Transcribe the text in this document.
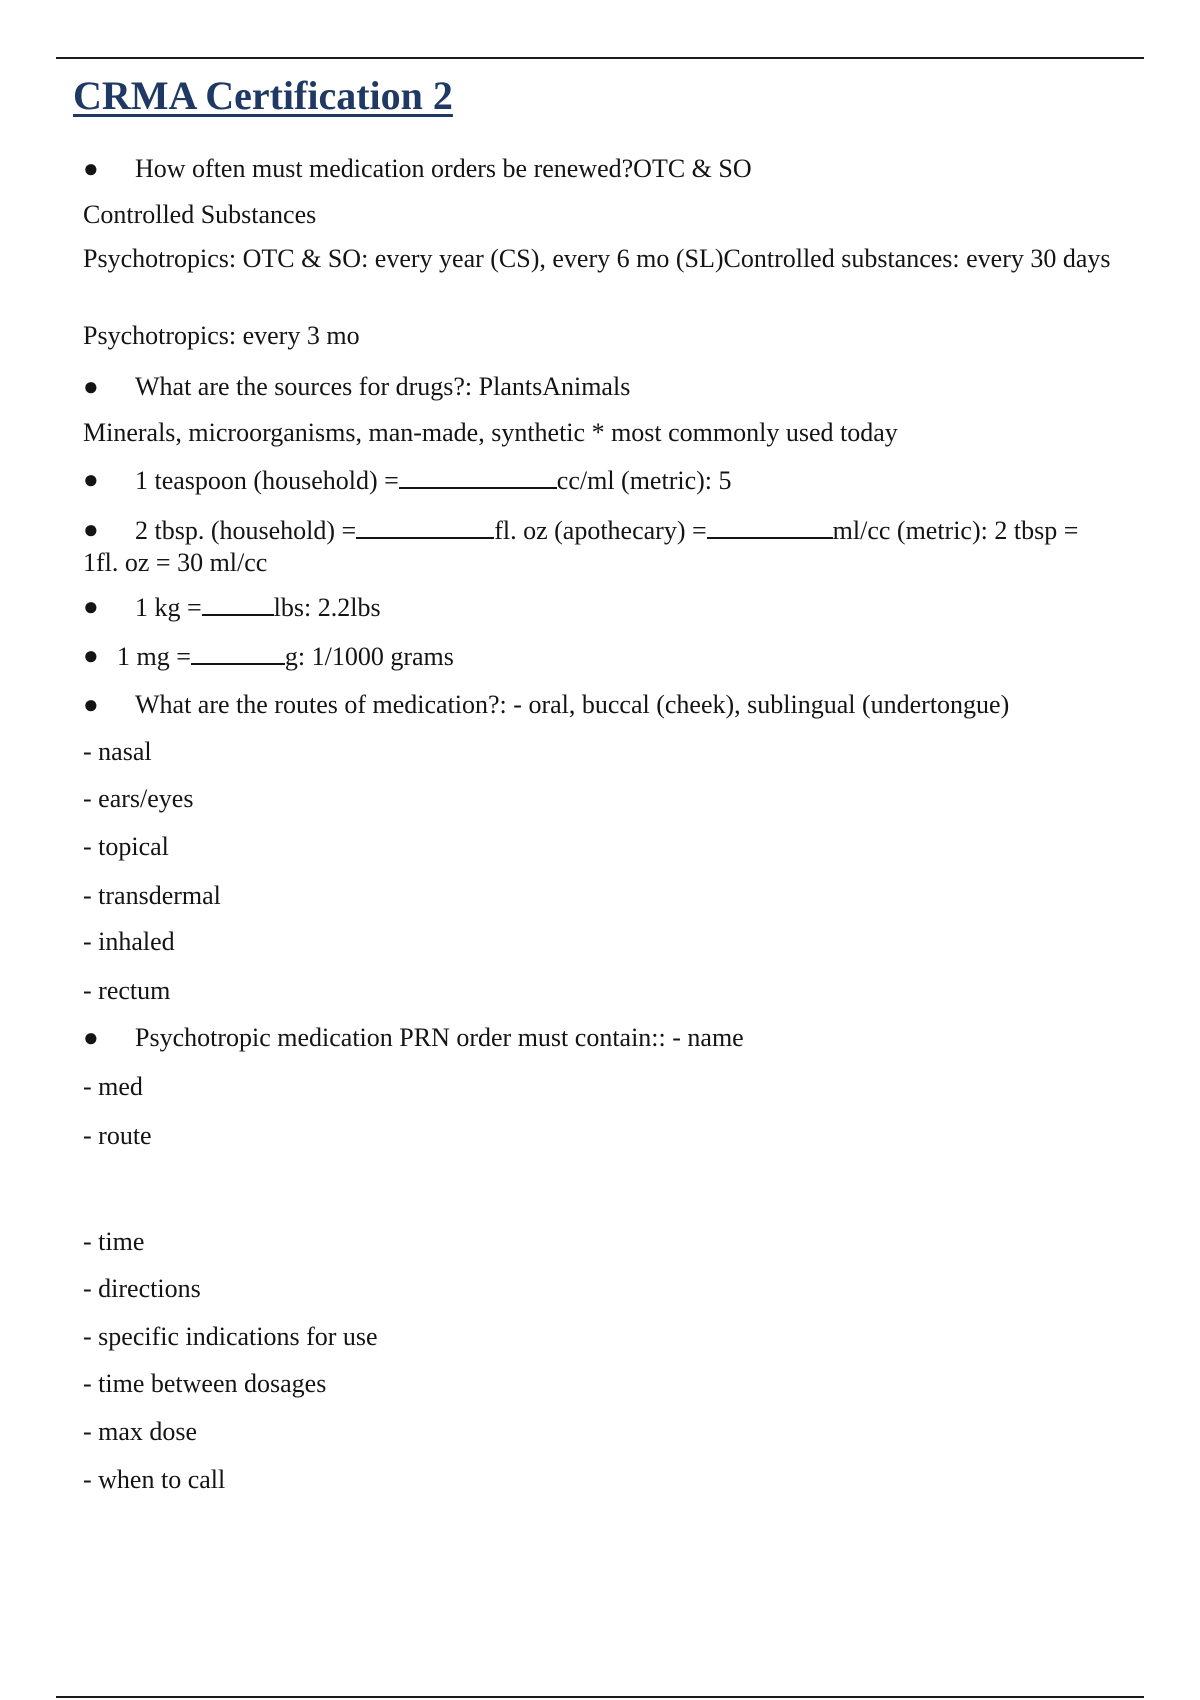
CRMA Certification 2
● How often must medication orders be renewed?OTC & SO
Controlled Substances
Psychotropics: OTC & SO: every year (CS), every 6 mo (SL)Controlled substances: every 30 days
Psychotropics: every 3 mo
● What are the sources for drugs?: PlantsAnimals
Minerals, microorganisms, man-made, synthetic * most commonly used today
● 1 teaspoon (household) =	cc/ml (metric): 5
● 2 tbsp. (household) =	fl. oz (apothecary) =	ml/cc (metric): 2 tbsp =
1fl. oz = 30 ml/cc
● 1 kg =	lbs: 2.2lbs
● 1 mg =	g: 1/1000 grams
● What are the routes of medication?: - oral, buccal (cheek), sublingual (undertongue)
- nasal
- ears/eyes
- topical
- transdermal
- inhaled
- rectum
● Psychotropic medication PRN order must contain:: - name
- med
- route
- time
- directions
- specific indications for use
- time between dosages
- max dose
- when to call
